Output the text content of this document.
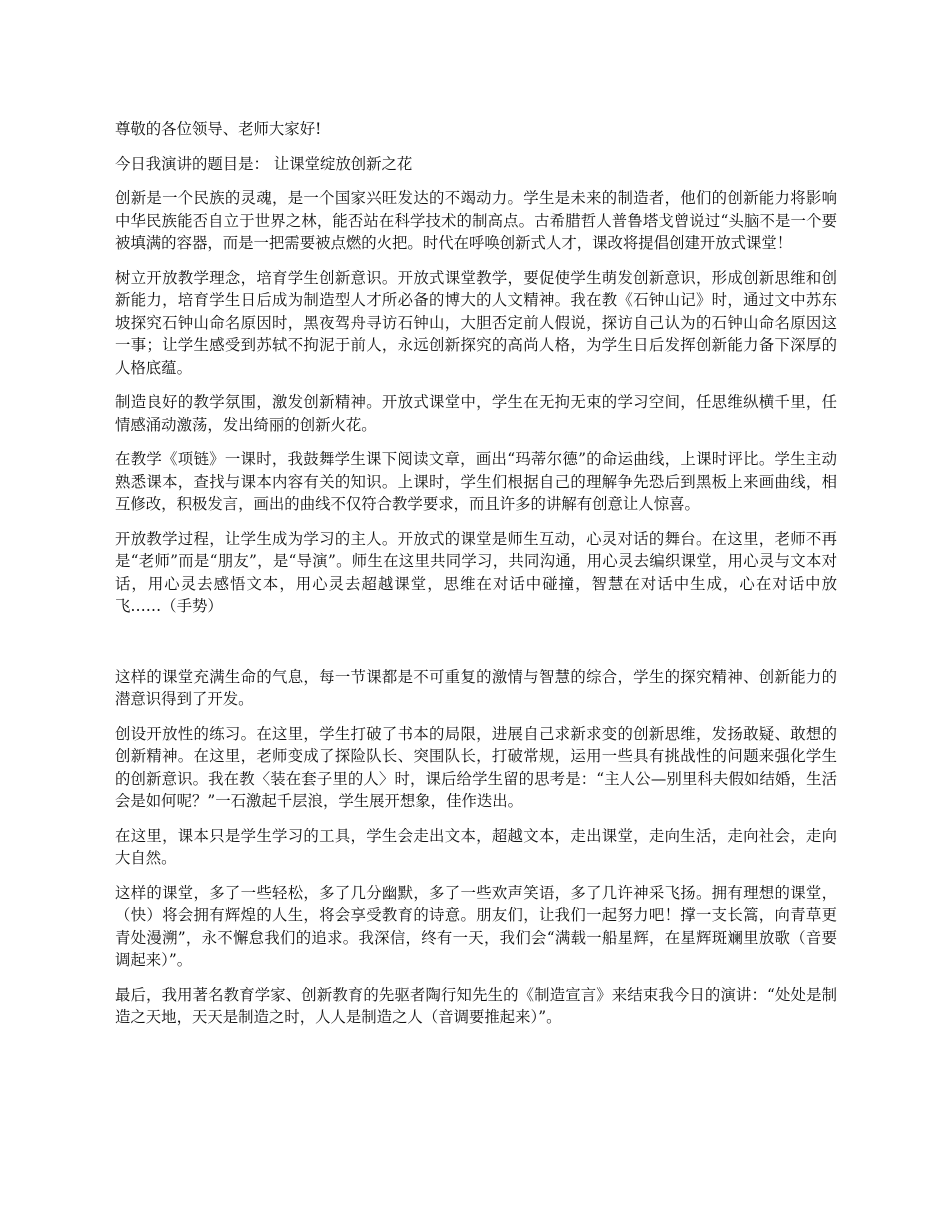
尊敬的各位领导、老师大家好!

今日我演讲的题目是： 让课堂绽放创新之花

创新是一个民族的灵魂，是一个国家兴旺发达的不竭动力。学生是未来的制造者，他们的创新能力将影响中华民族能否自立于世界之林，能否站在科学技术的制高点。古希腊哲人普鲁塔戈曾说过“头脑不是一个要被填满的容器，而是一把需要被点燃的火把。时代在呼唤创新式人才，课改将提倡创建开放式课堂！

树立开放教学理念，培育学生创新意识。开放式课堂教学，要促使学生萌发创新意识，形成创新思维和创新能力，培育学生日后成为制造型人才所必备的博大的人文精神。我在教《石钟山记》时，通过文中苏东坡探究石钟山命名原因时，黑夜驾舟寻访石钟山，大胆否定前人假说，探访自己认为的石钟山命名原因这一事；让学生感受到苏轼不拘泥于前人，永远创新探究的高尚人格，为学生日后发挥创新能力备下深厚的人格底蕴。

制造良好的教学氛围，激发创新精神。开放式课堂中，学生在无拘无束的学习空间，任思维纵横千里，任情感涌动激荡，发出绮丽的创新火花。

在教学《项链》一课时，我鼓舞学生课下阅读文章，画出“玛蒂尔德”的命运曲线，上课时评比。学生主动熟悉课本，查找与课本内容有关的知识。上课时，学生们根据自己的理解争先恐后到黑板上来画曲线，相互修改，积极发言，画出的曲线不仅符合教学要求，而且许多的讲解有创意让人惊喜。

开放教学过程，让学生成为学习的主人。开放式的课堂是师生互动，心灵对话的舞台。在这里，老师不再是“老师”而是“朋友”，是“导演”。师生在这里共同学习，共同沟通，用心灵去编织课堂，用心灵与文本对话，用心灵去感悟文本，用心灵去超越课堂，思维在对话中碰撞，智慧在对话中生成，心在对话中放飞……（手势）

这样的课堂充满生命的气息，每一节课都是不可重复的激情与智慧的综合，学生的探究精神、创新能力的潜意识得到了开发。

创设开放性的练习。在这里，学生打破了书本的局限，进展自己求新求变的创新思维，发扬敢疑、敢想的创新精神。在这里，老师变成了探险队长、突围队长，打破常规，运用一些具有挑战性的问题来强化学生的创新意识。我在教〈装在套子里的人〉时，课后给学生留的思考是：“主人公—别里科夫假如结婚，生活会是如何呢？”一石激起千层浪，学生展开想象，佳作迭出。

在这里，课本只是学生学习的工具，学生会走出文本，超越文本，走出课堂，走向生活，走向社会，走向大自然。

这样的课堂，多了一些轻松，多了几分幽默，多了一些欢声笑语，多了几许神采飞扬。拥有理想的课堂，（快）将会拥有辉煌的人生，将会享受教育的诗意。朋友们，让我们一起努力吧！撑一支长篙，向青草更青处漫溯”，永不懈怠我们的追求。我深信，终有一天，我们会“满载一船星辉，在星辉斑斓里放歌（音要调起来）”。

最后，我用著名教育学家、创新教育的先驱者陶行知先生的《制造宣言》来结束我今日的演讲：“处处是制造之天地，天天是制造之时，人人是制造之人（音调要推起来）”。
